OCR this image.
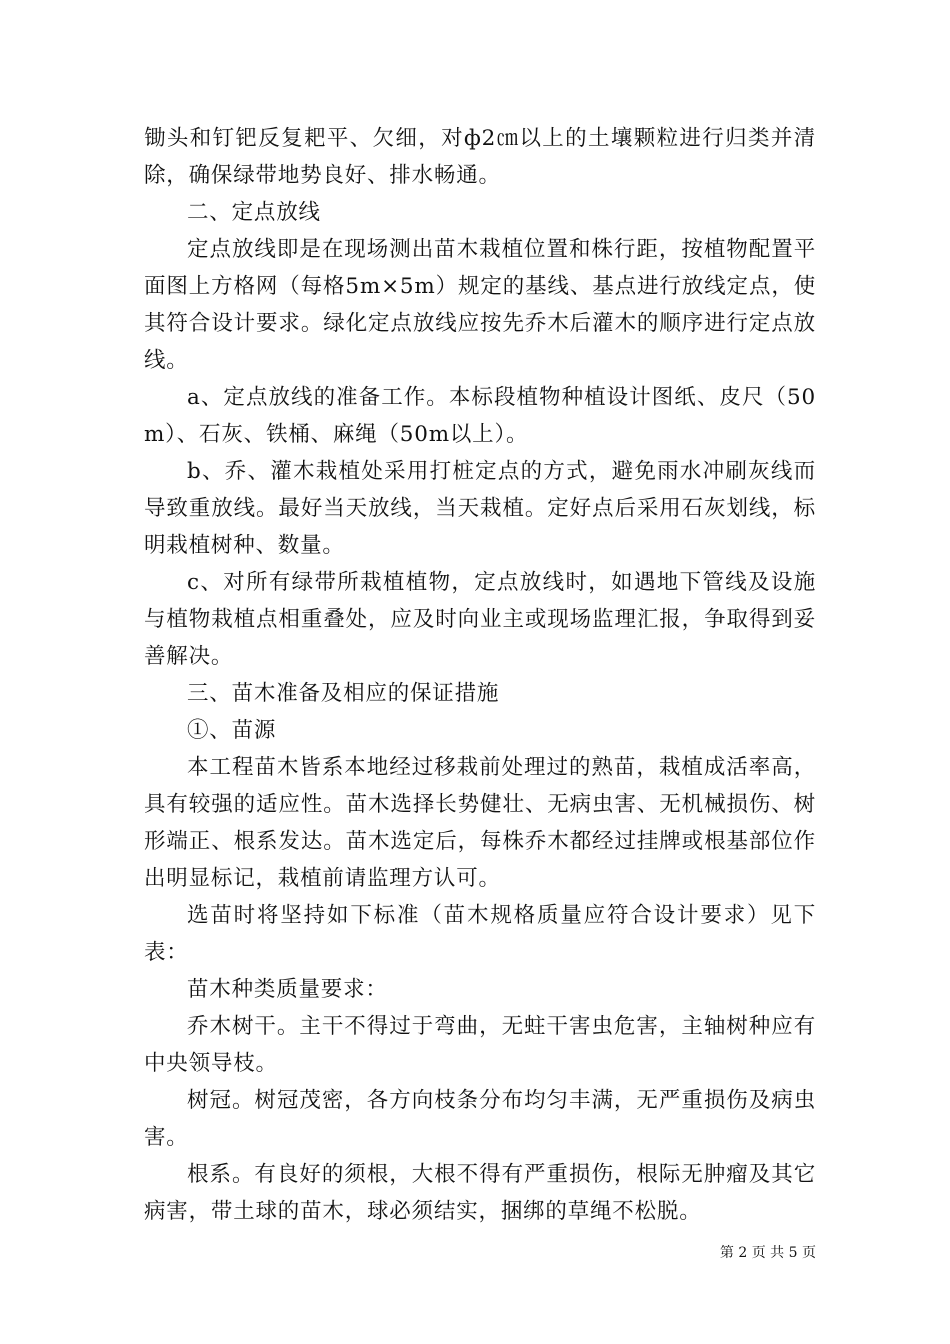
锄头和钉钯反复耙平、欠细，对ф2㎝以上的土壤颗粒进行归类并清除，确保绿带地势良好、排水畅通。

二、定点放线

定点放线即是在现场测出苗木栽植位置和株行距，按植物配置平面图上方格网（每格5m×5m）规定的基线、基点进行放线定点，使其符合设计要求。绿化定点放线应按先乔木后灌木的顺序进行定点放线。

a、定点放线的准备工作。本标段植物种植设计图纸、皮尺（50m）、石灰、铁桶、麻绳（50m以上）。

b、乔、灌木栽植处采用打桩定点的方式，避免雨水冲刷灰线而导致重放线。最好当天放线，当天栽植。定好点后采用石灰划线，标明栽植树种、数量。

c、对所有绿带所栽植植物，定点放线时，如遇地下管线及设施与植物栽植点相重叠处，应及时向业主或现场监理汇报，争取得到妥善解决。

三、苗木准备及相应的保证措施

①、苗源

本工程苗木皆系本地经过移栽前处理过的熟苗，栽植成活率高，具有较强的适应性。苗木选择长势健壮、无病虫害、无机械损伤、树形端正、根系发达。苗木选定后，每株乔木都经过挂牌或根基部位作出明显标记，栽植前请监理方认可。

选苗时将坚持如下标准（苗木规格质量应符合设计要求）见下表：

苗木种类质量要求：

乔木树干。主干不得过于弯曲，无蛀干害虫危害，主轴树种应有中央领导枝。

树冠。树冠茂密，各方向枝条分布均匀丰满，无严重损伤及病虫害。

根系。有良好的须根，大根不得有严重损伤，根际无肿瘤及其它病害，带土球的苗木，球必须结实，捆绑的草绳不松脱。

第 2 页 共 5 页
